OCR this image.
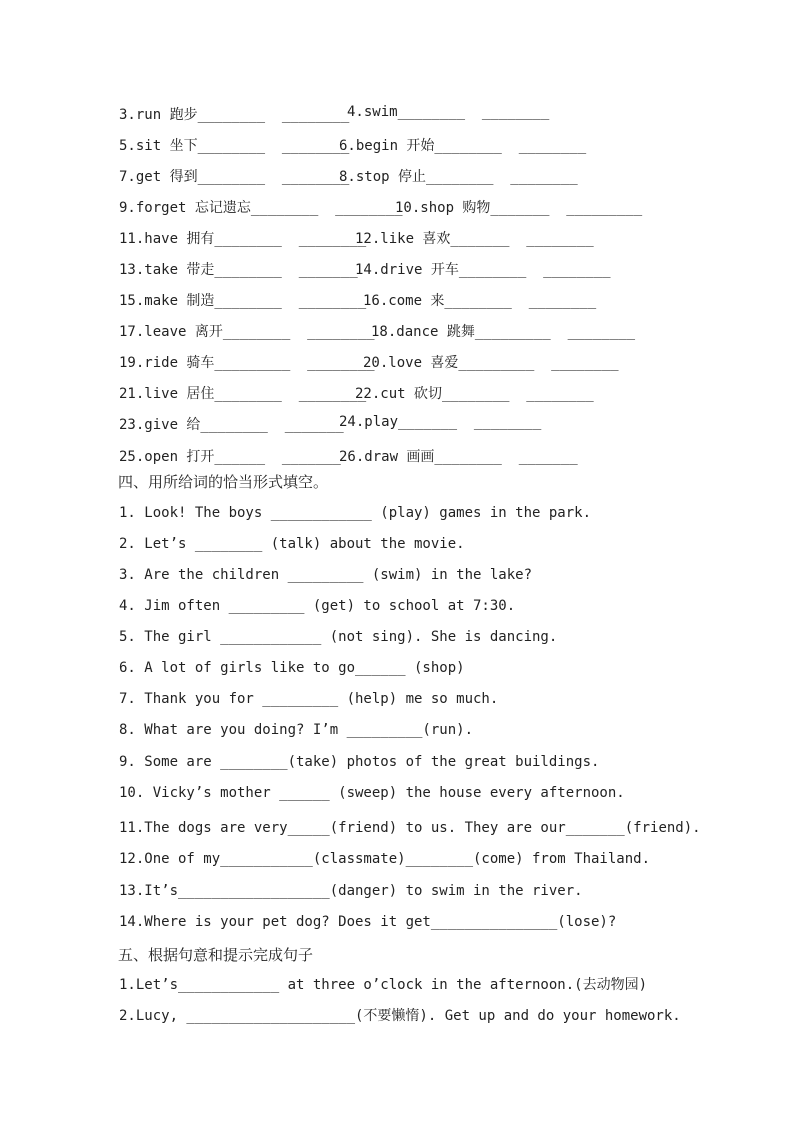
3.run 跑步________  ________
4.swim________  ________
5.sit 坐下________  ________
6.begin 开始________  ________
7.get 得到________  ________
8.stop 停止________  ________
9.forget 忘记遗忘________  ________
10.shop 购物_______  _________
11.have 拥有________  ________
12.like 喜欢_______  ________
13.take 带走________  _______
14.drive 开车________  ________
15.make 制造________  ________
16.come 来________  ________
17.leave 离开________  ________
18.dance 跳舞_________  ________
19.ride 骑车_________  ________
20.love 喜爱_________  ________
21.live 居住________  ________
22.cut 砍切________  ________
23.give 给________  _______
24.play_______  ________
25.open 打开______  _______
26.draw 画画________  _______
四、用所给词的恰当形式填空。
1. Look! The boys ____________ (play) games in the park.
2. Let’s ________ (talk) about the movie.
3. Are the children _________ (swim) in the lake?
4. Jim often _________ (get) to school at 7:30.
5. The girl ____________ (not sing). She is dancing.
6. A lot of girls like to go______ (shop)
7. Thank you for _________ (help) me so much.
8. What are you doing? I’m _________(run).
9. Some are ________(take) photos of the great buildings.
10. Vicky’s mother ______ (sweep) the house every afternoon.
11.The dogs are very_____(friend) to us. They are our_______(friend).
12.One of my___________(classmate)________(come) from Thailand.
13.It’s__________________(danger) to swim in the river.
14.Where is your pet dog? Does it get_______________(lose)?
五、根据句意和提示完成句子
1.Let’s____________ at three o’clock in the afternoon.(去动物园)
2.Lucy, ____________________(不要懒惰). Get up and do your homework.
